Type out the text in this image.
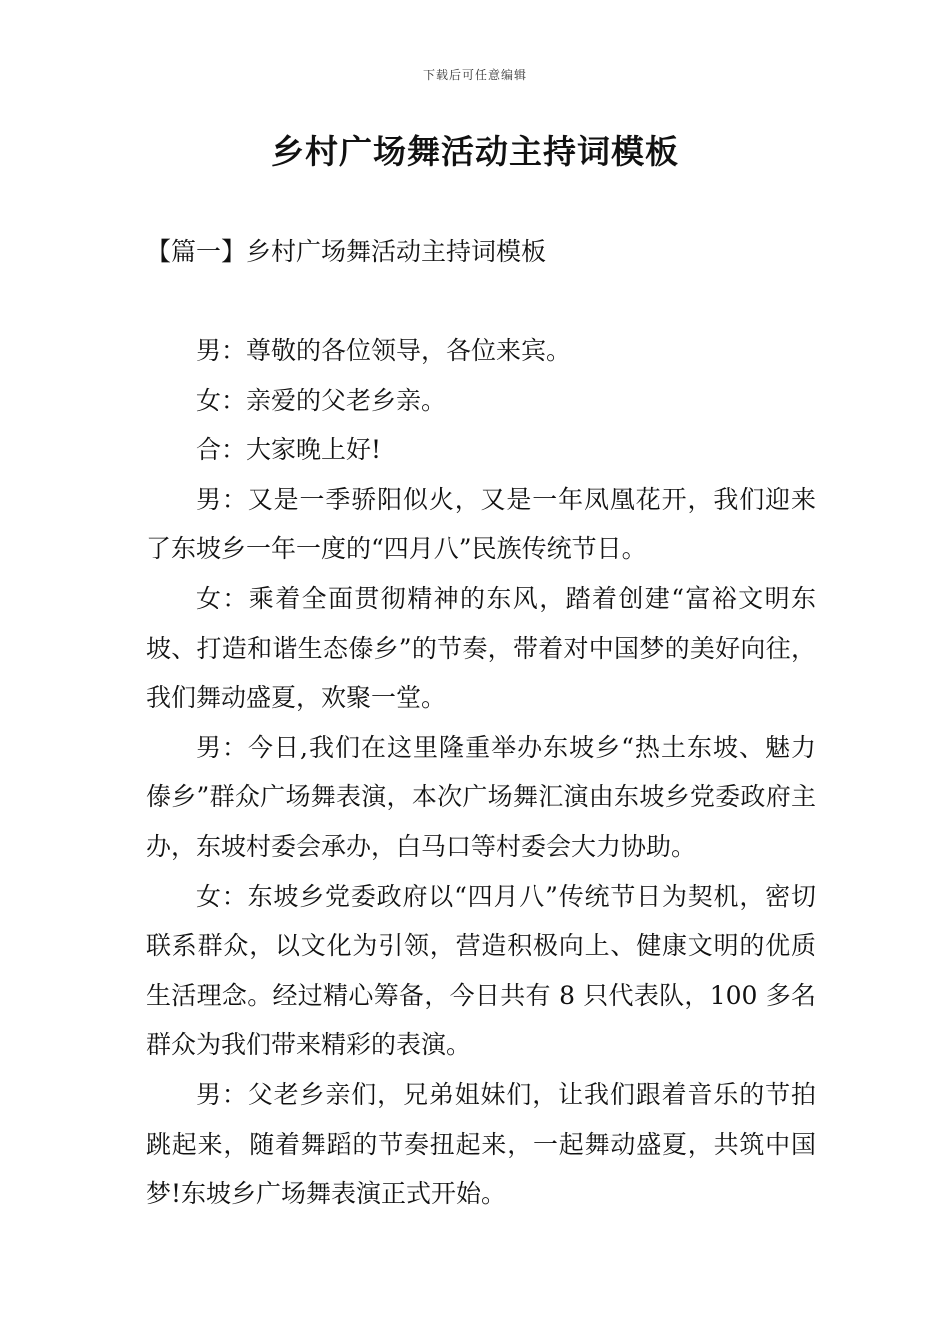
下载后可任意编辑
乡村广场舞活动主持词模板
【篇一】乡村广场舞活动主持词模板

男：尊敬的各位领导，各位来宾。

女：亲爱的父老乡亲。

合：大家晚上好!

男：又是一季骄阳似火，又是一年凤凰花开，我们迎来了东坡乡一年一度的“四月八”民族传统节日。

女：乘着全面贯彻精神的东风，踏着创建“富裕文明东坡、打造和谐生态傣乡”的节奏，带着对中国梦的美好向往，我们舞动盛夏，欢聚一堂。

男：今日,我们在这里隆重举办东坡乡“热土东坡、魅力傣乡”群众广场舞表演，本次广场舞汇演由东坡乡党委政府主办，东坡村委会承办，白马口等村委会大力协助。

女：东坡乡党委政府以“四月八”传统节日为契机，密切联系群众，以文化为引领，营造积极向上、健康文明的优质生活理念。经过精心筹备，今日共有 8 只代表队，100 多名群众为我们带来精彩的表演。

男：父老乡亲们，兄弟姐妹们，让我们跟着音乐的节拍跳起来，随着舞蹈的节奏扭起来，一起舞动盛夏，共筑中国梦!东坡乡广场舞表演正式开始。
